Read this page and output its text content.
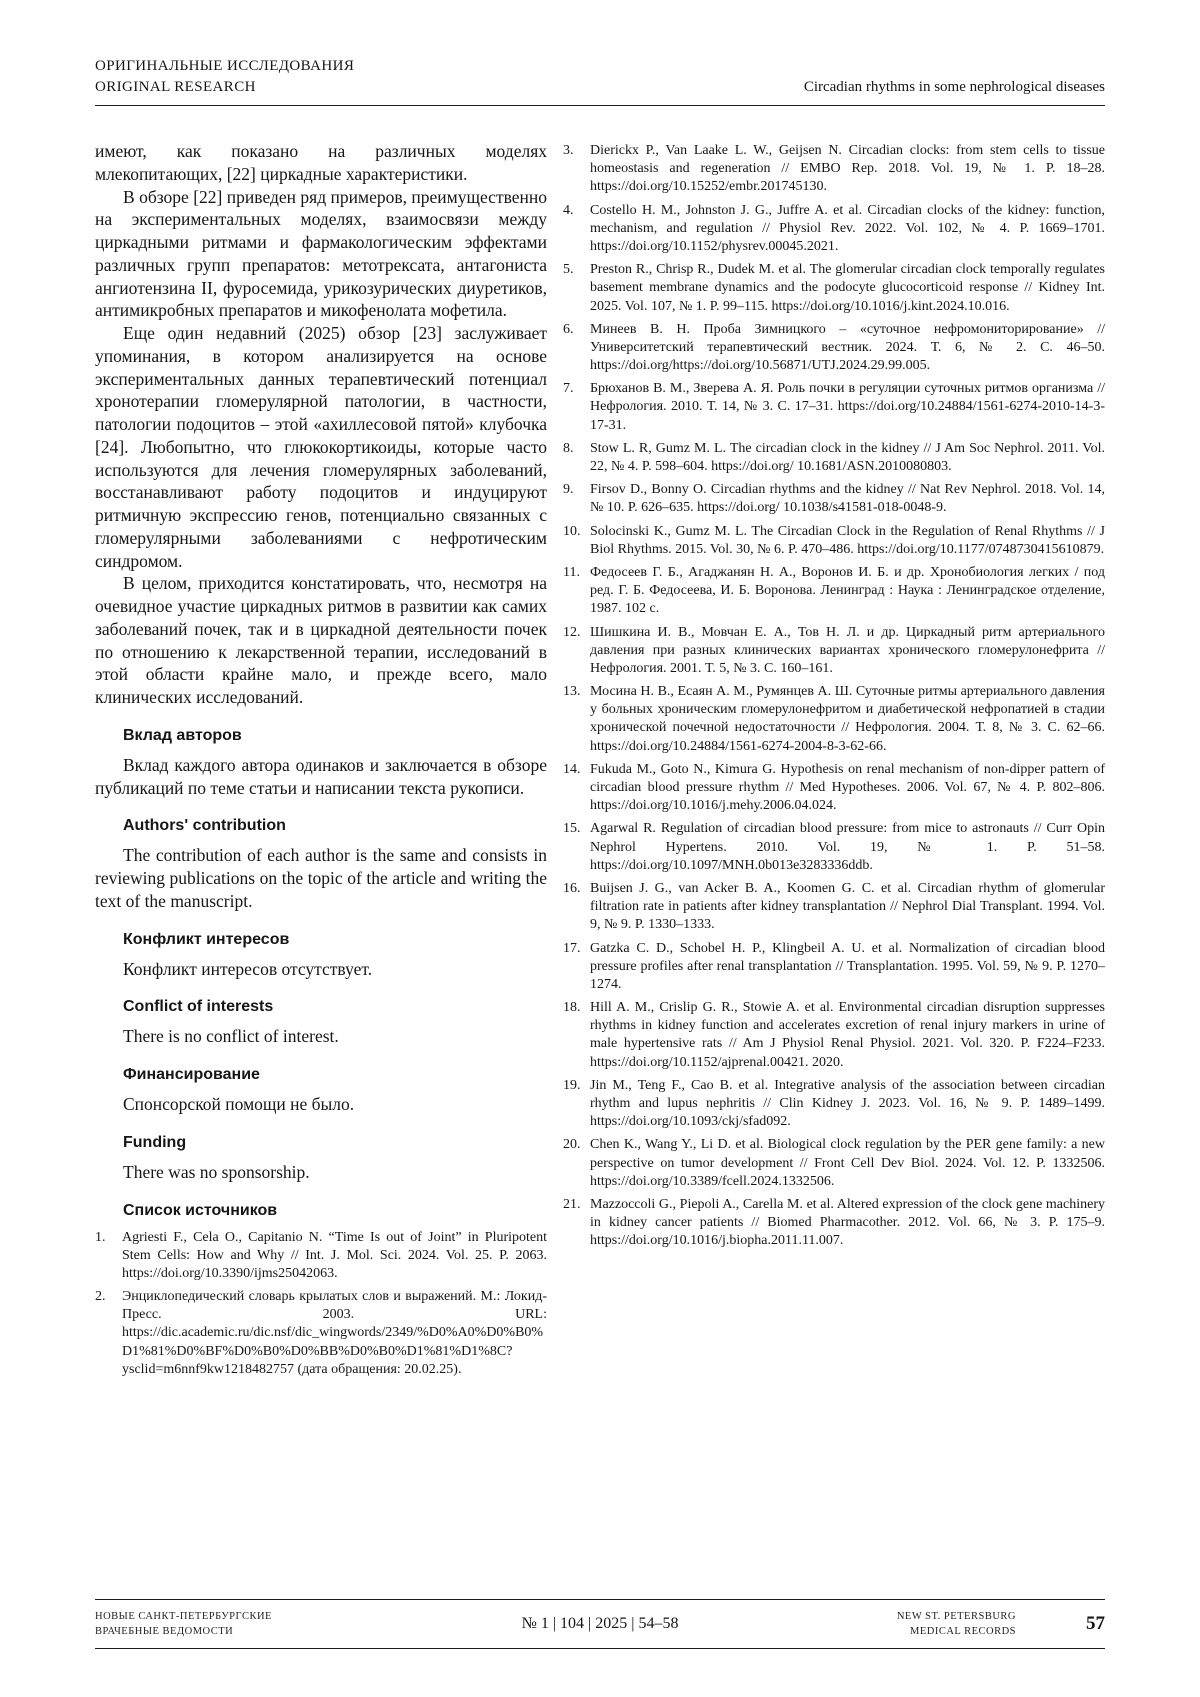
ОРИГИНАЛЬНЫЕ ИССЛЕДОВАНИЯ
ORIGINAL RESEARCH	Circadian rhythms in some nephrological diseases

имеют, как показано на различных моделях млекопитающих, [22] циркадные характеристики.

В обзоре [22] приведен ряд примеров, преимущественно на экспериментальных моделях, взаимосвязи между циркадными ритмами и фармакологическим эффектами различных групп препаратов: метотрексата, антагониста ангиотензина II, фуросемида, урикозурических диуретиков, антимикробных препаратов и микофенолата мофетила.

Еще один недавний (2025) обзор [23] заслуживает упоминания, в котором анализируется на основе экспериментальных данных терапевтический потенциал хронотерапии гломерулярной патологии, в частности, патологии подоцитов – этой «ахиллесовой пятой» клубочка [24]. Любопытно, что глюкокортикоиды, которые часто используются для лечения гломерулярных заболеваний, восстанавливают работу подоцитов и индуцируют ритмичную экспрессию генов, потенциально связанных с гломерулярными заболеваниями с нефротическим синдромом.

В целом, приходится констатировать, что, несмотря на очевидное участие циркадных ритмов в развитии как самих заболеваний почек, так и в циркадной деятельности почек по отношению к лекарственной терапии, исследований в этой области крайне мало, и прежде всего, мало клинических исследований.

Вклад авторов

Вклад каждого автора одинаков и заключается в обзоре публикаций по теме статьи и написании текста рукописи.

Authors' contribution

The contribution of each author is the same and consists in reviewing publications on the topic of the article and writing the text of the manuscript.

Конфликт интересов

Конфликт интересов отсутствует.

Conflict of interests

There is no conflict of interest.

Финансирование

Спонсорской помощи не было.

Funding

There was no sponsorship.

Список источников
1. Agriesti F., Cela O., Capitanio N. “Time Is out of Joint” in Pluripotent Stem Cells: How and Why // Int. J. Mol. Sci. 2024. Vol. 25. P. 2063. https://doi.org/10.3390/ijms25042063.
2. Энциклопедический словарь крылатых слов и выражений. М.: Локид-Пресс. 2003. URL: https://dic.academic.ru/dic.nsf/dic_wingwords/2349/%D0%A0%D0%B0%D1%81%D0%BF%D0%B0%D0%BB%D0%B0%D1%81%D1%8C?ysclid=m6nnf9kw1218482757 (дата обращения: 20.02.25).
3. Dierickx P., Van Laake L. W., Geijsen N. Circadian clocks: from stem cells to tissue homeostasis and regeneration // EMBO Rep. 2018. Vol. 19, № 1. P. 18–28. https://doi.org/10.15252/embr.201745130.
4. Costello H. M., Johnston J. G., Juffre A. et al. Circadian clocks of the kidney: function, mechanism, and regulation // Physiol Rev. 2022. Vol. 102, № 4. P. 1669–1701. https://doi.org/10.1152/physrev.00045.2021.
5. Preston R., Chrisp R., Dudek M. et al. The glomerular circadian clock temporally regulates basement membrane dynamics and the podocyte glucocorticoid response // Kidney Int. 2025. Vol. 107, № 1. P. 99–115. https://doi.org/10.1016/j.kint.2024.10.016.
6. Минеев В. Н. Проба Зимницкого – «суточное нефромониторирование» // Университетский терапевтический вестник. 2024. Т. 6, № 2. С. 46–50. https://doi.org/https://doi.org/10.56871/UTJ.2024.29.99.005.
7. Брюханов В. М., Зверева А. Я. Роль почки в регуляции суточных ритмов организма // Нефрология. 2010. Т. 14, № 3. С. 17–31. https://doi.org/10.24884/1561-6274-2010-14-3-17-31.
8. Stow L. R, Gumz M. L. The circadian clock in the kidney // J Am Soc Nephrol. 2011. Vol. 22, № 4. P. 598–604. https://doi.org/ 10.1681/ASN.2010080803.
9. Firsov D., Bonny O. Circadian rhythms and the kidney // Nat Rev Nephrol. 2018. Vol. 14, № 10. P. 626–635. https://doi.org/ 10.1038/s41581-018-0048-9.
10. Solocinski K., Gumz M. L. The Circadian Clock in the Regulation of Renal Rhythms // J Biol Rhythms. 2015. Vol. 30, № 6. P. 470–486. https://doi.org/10.1177/0748730415610879.
11. Федосеев Г. Б., Агаджанян Н. А., Воронов И. Б. и др. Хронобиология легких / под ред. Г. Б. Федосеева, И. Б. Воронова. Ленинград : Наука : Ленинградское отделение, 1987. 102 с.
12. Шишкина И. В., Мовчан Е. А., Тов Н. Л. и др. Циркадный ритм артериального давления при разных клинических вариантах хронического гломерулонефрита // Нефрология. 2001. Т. 5, № 3. С. 160–161.
13. Мосина Н. В., Есаян А. М., Румянцев А. Ш. Суточные ритмы артериального давления у больных хроническим гломерулонефритом и диабетической нефропатией в стадии хронической почечной недостаточности // Нефрология. 2004. Т. 8, № 3. С. 62–66. https://doi.org/10.24884/1561-6274-2004-8-3-62-66.
14. Fukuda M., Goto N., Kimura G. Hypothesis on renal mechanism of non-dipper pattern of circadian blood pressure rhythm // Med Hypotheses. 2006. Vol. 67, № 4. P. 802–806. https://doi.org/10.1016/j.mehy.2006.04.024.
15. Agarwal R. Regulation of circadian blood pressure: from mice to astronauts // Curr Opin Nephrol Hypertens. 2010. Vol. 19, № 1. P. 51–58. https://doi.org/10.1097/MNH.0b013e3283336ddb.
16. Buijsen J. G., van Acker B. A., Koomen G. C. et al. Circadian rhythm of glomerular filtration rate in patients after kidney transplantation // Nephrol Dial Transplant. 1994. Vol. 9, № 9. P. 1330–1333.
17. Gatzka C. D., Schobel H. P., Klingbeil A. U. et al. Normalization of circadian blood pressure profiles after renal transplantation // Transplantation. 1995. Vol. 59, № 9. P. 1270–1274.
18. Hill A. M., Crislip G. R., Stowie A. et al. Environmental circadian disruption suppresses rhythms in kidney function and accelerates excretion of renal injury markers in urine of male hypertensive rats // Am J Physiol Renal Physiol. 2021. Vol. 320. P. F224–F233. https://doi.org/10.1152/ajprenal.00421. 2020.
19. Jin M., Teng F., Cao B. et al. Integrative analysis of the association between circadian rhythm and lupus nephritis // Clin Kidney J. 2023. Vol. 16, № 9. P. 1489–1499. https://doi.org/10.1093/ckj/sfad092.
20. Chen K., Wang Y., Li D. et al. Biological clock regulation by the PER gene family: a new perspective on tumor development // Front Cell Dev Biol. 2024. Vol. 12. P. 1332506. https://doi.org/10.3389/fcell.2024.1332506.
21. Mazzoccoli G., Piepoli A., Carella M. et al. Altered expression of the clock gene machinery in kidney cancer patients // Biomed Pharmacother. 2012. Vol. 66, № 3. P. 175–9. https://doi.org/10.1016/j.biopha.2011.11.007.
НОВЫЕ САНКТ-ПЕТЕРБУРГСКИЕ
ВРАЧЕБНЫЕ ВЕДОМОСТИ	№ 1 | 104 | 2025 | 54–58	NEW ST. PETERSBURG
MEDICAL RECORDS	57
